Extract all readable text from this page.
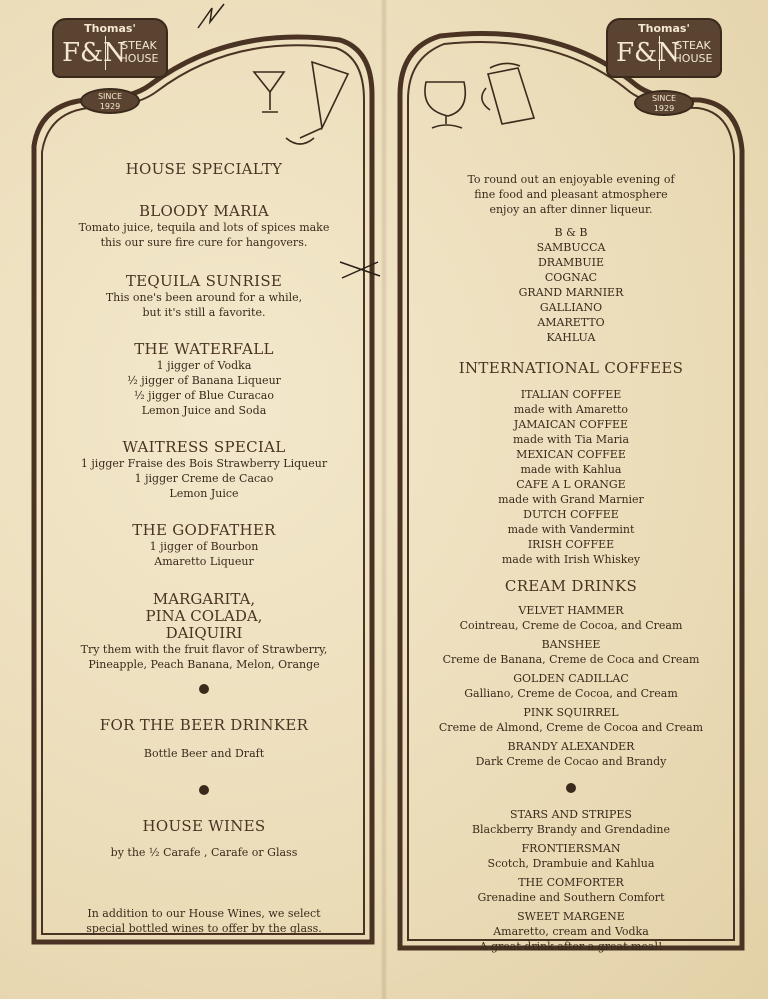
Thomas'
F&N
STEAK
HOUSE
SINCE
1929
Thomas'
F&N
STEAK
HOUSE
SINCE
1929
HOUSE SPECIALTY
BLOODY MARIA
Tomato juice, tequila and lots of spices make
this our sure fire cure for hangovers.
TEQUILA SUNRISE
This one's been around for a while,
but it's still a favorite.
THE WATERFALL
1 jigger of Vodka
½ jigger of Banana Liqueur
½ jigger of Blue Curacao
Lemon Juice and Soda
WAITRESS SPECIAL
1 jigger Fraise des Bois Strawberry Liqueur
1 jigger Creme de Cacao
Lemon Juice
THE GODFATHER
1 jigger of Bourbon
Amaretto Liqueur
MARGARITA,
PINA COLADA,
DAIQUIRI
Try them with the fruit flavor of Strawberry,
Pineapple, Peach Banana, Melon, Orange
FOR THE BEER DRINKER
Bottle Beer and Draft
HOUSE WINES
by the ½ Carafe , Carafe or Glass
In addition to our House Wines, we select
special bottled wines to offer by the glass.
To round out an enjoyable evening of
fine food and pleasant atmosphere
enjoy an after dinner liqueur.
B & B
SAMBUCCA
DRAMBUIE
COGNAC
GRAND MARNIER
GALLIANO
AMARETTO
KAHLUA
INTERNATIONAL COFFEES
ITALIAN COFFEE
made with Amaretto
JAMAICAN COFFEE
made with Tia Maria
MEXICAN COFFEE
made with Kahlua
CAFE A L ORANGE
made with Grand Marnier
DUTCH COFFEE
made with Vandermint
IRISH COFFEE
made with Irish Whiskey
CREAM DRINKS
VELVET HAMMER
Cointreau, Creme de Cocoa, and Cream
BANSHEE
Creme de Banana, Creme de Coca and Cream
GOLDEN CADILLAC
Galliano, Creme de Cocoa, and Cream
PINK SQUIRREL
Creme de Almond, Creme de Cocoa and Cream
BRANDY ALEXANDER
Dark Creme de Cocao and Brandy
STARS AND STRIPES
Blackberry Brandy and Grendadine
FRONTIERSMAN
Scotch, Drambuie and Kahlua
THE COMFORTER
Grenadine and Southern Comfort
SWEET MARGENE
Amaretto, cream and Vodka
A great drink after a great meal!
